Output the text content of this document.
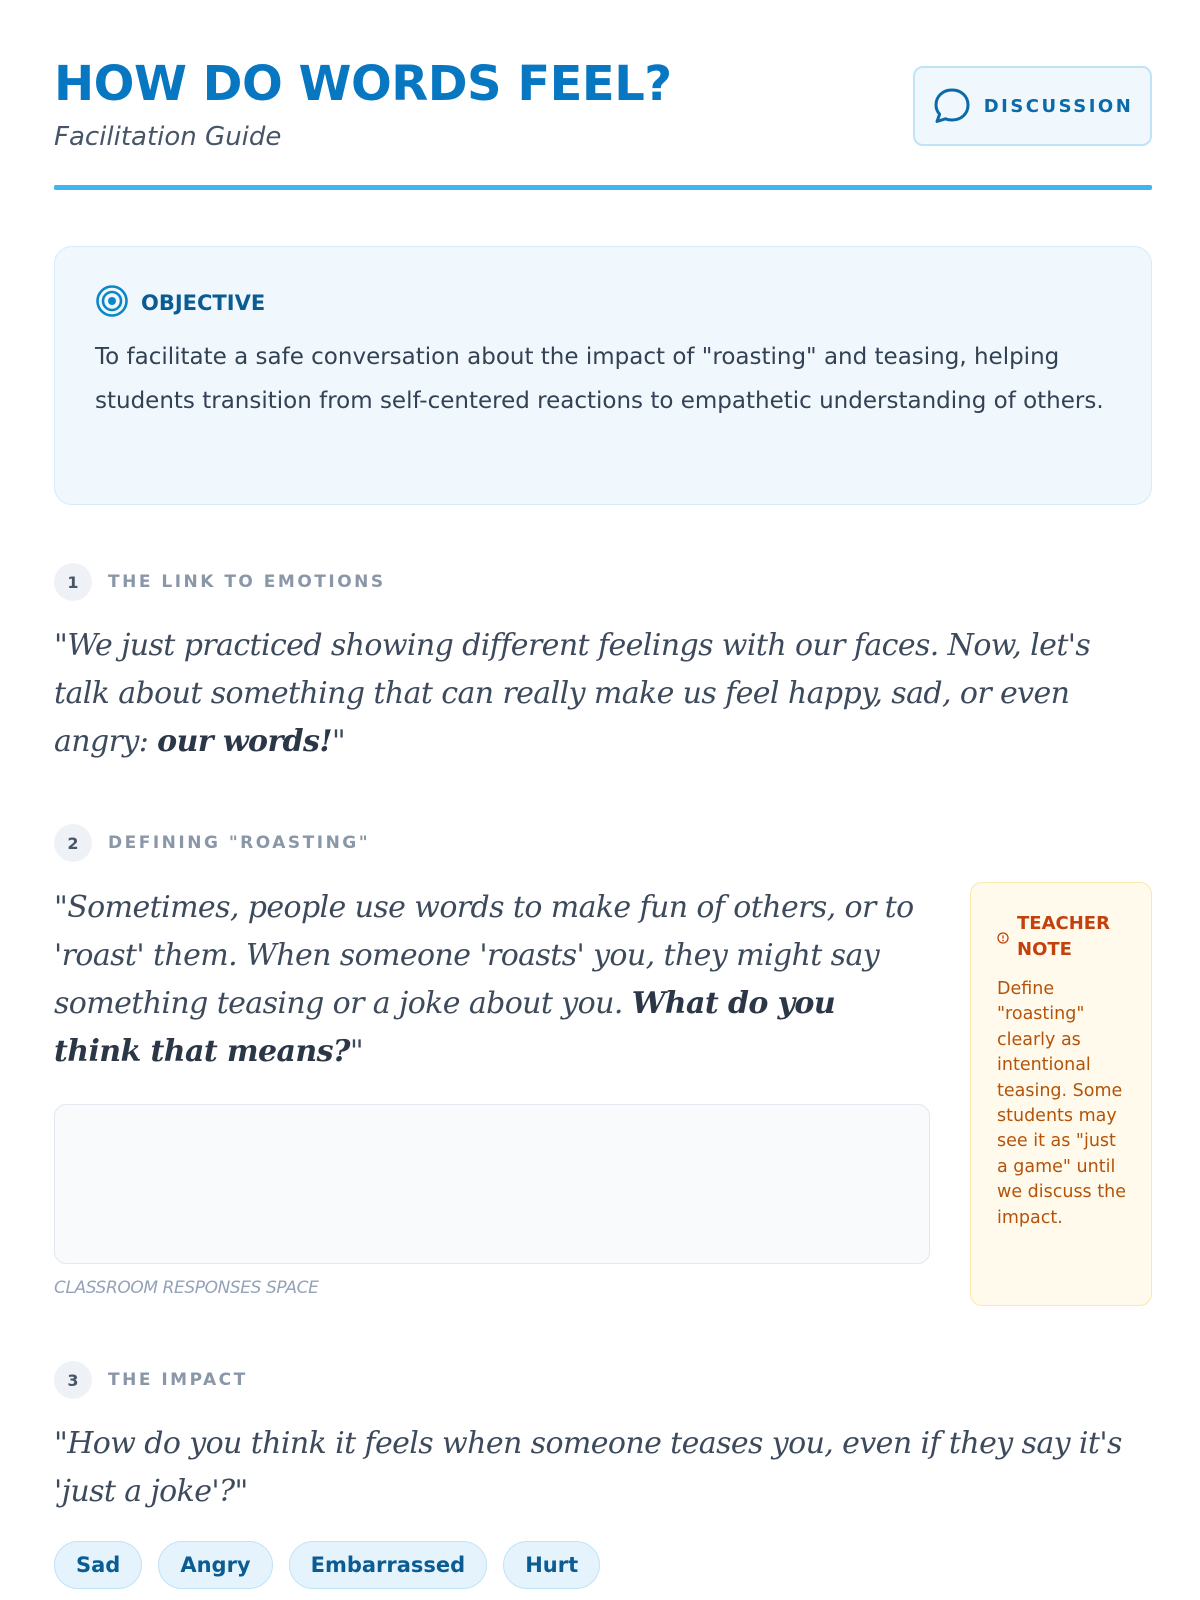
HOW DO WORDS FEEL?

Facilitation Guide

DISCUSSION
OBJECTIVE

To facilitate a safe conversation about the impact of "roasting" and teasing, helping students transition from self-centered reactions to empathetic understanding of others.

1	THE LINK TO EMOTIONS

"We just practiced showing different feelings with our faces. Now, let's talk about something that can really make us feel happy, sad, or even angry: our words!"

2	DEFINING "ROASTING"

"Sometimes, people use words to make fun of others, or to 'roast' them. When someone 'roasts' you, they might say something teasing or a joke about you. What do you think that means?"

CLASSROOM RESPONSES SPACE
TEACHER NOTE

Define "roasting" clearly as intentional teasing. Some students may see it as "just a game" until we discuss the impact.

3	THE IMPACT

"How do you think it feels when someone teases you, even if they say it's 'just a joke'?"

Sad	Angry	Embarrassed	Hurt
